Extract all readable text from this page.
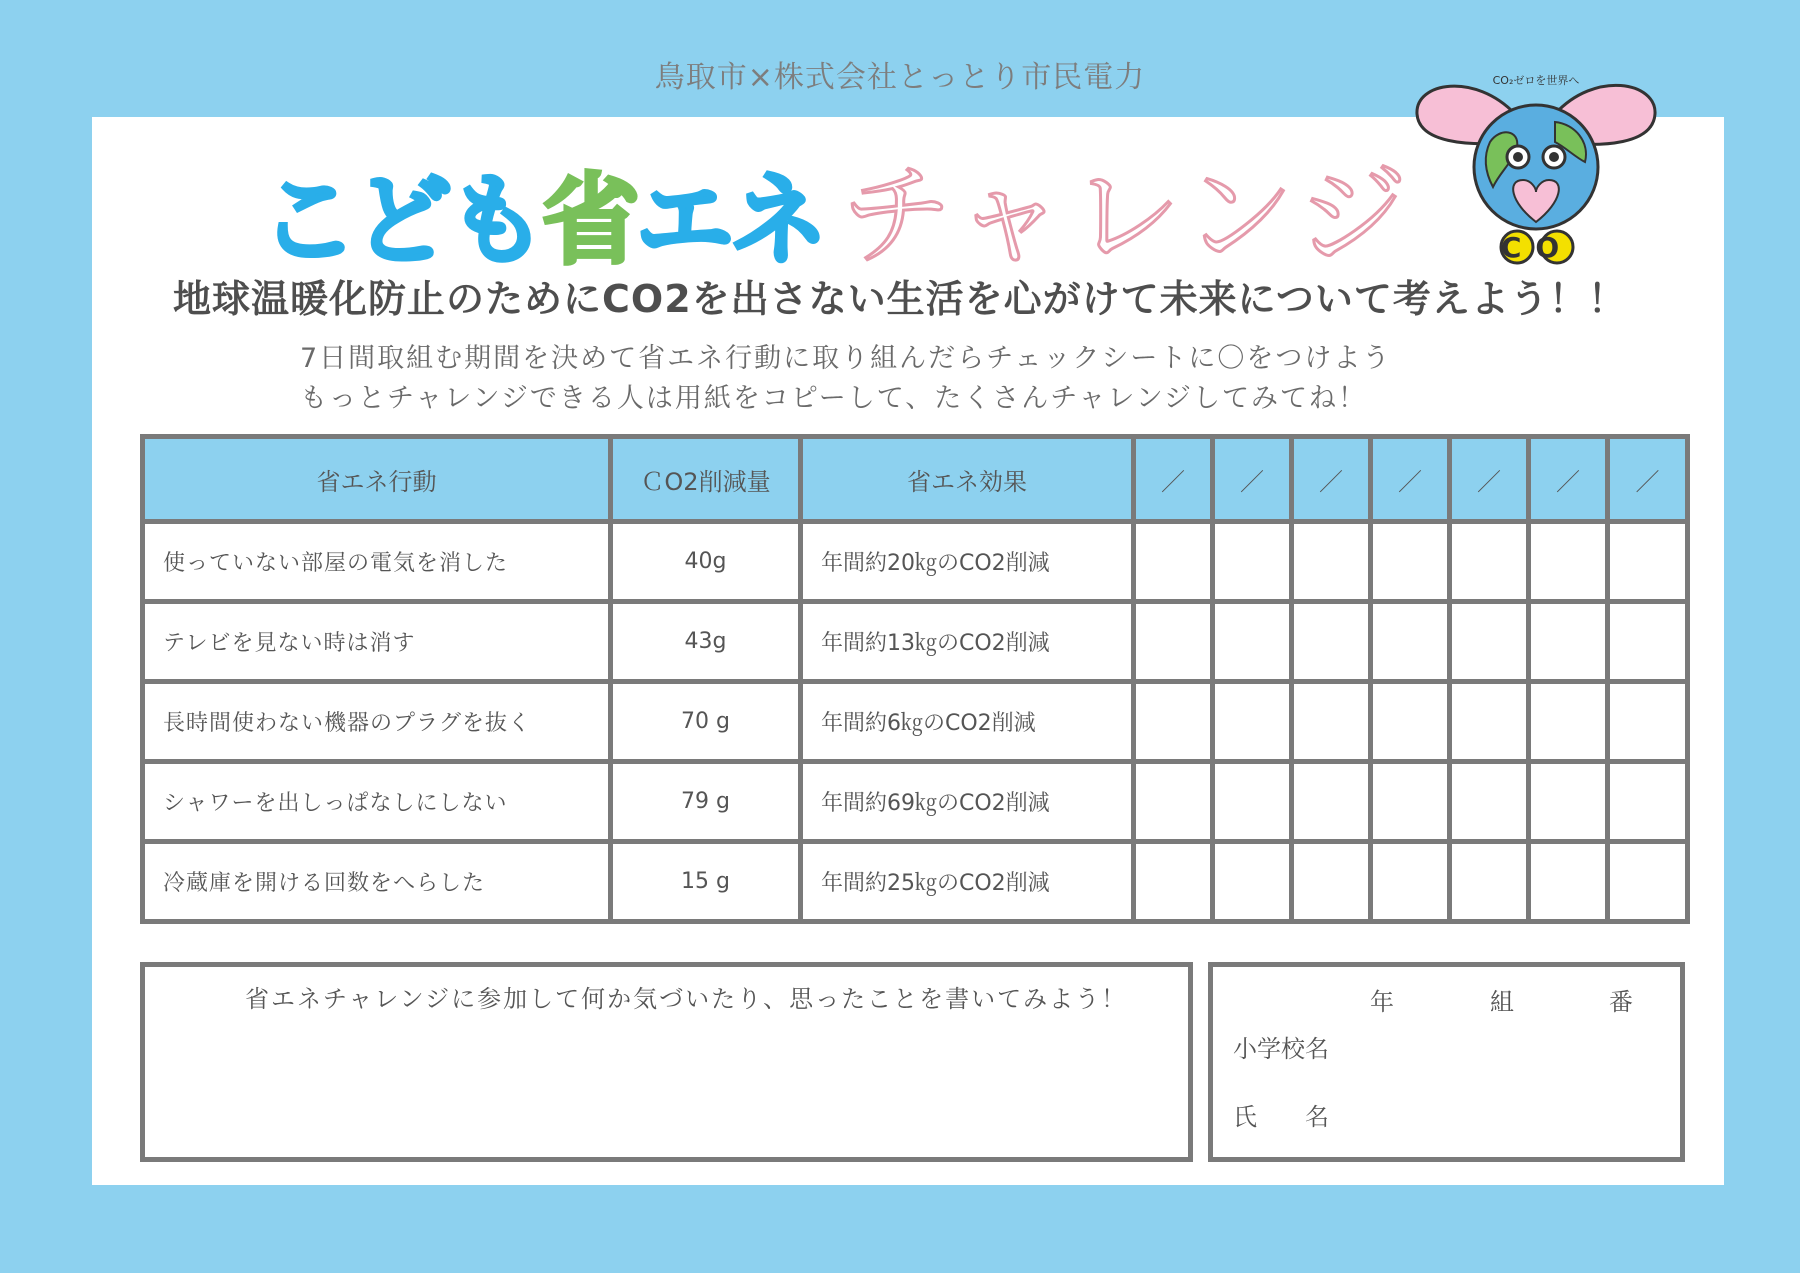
鳥取市×株式会社とっとり市民電力
こども省エネ チャレンジ
CO₂ゼロを世界へ
CO
地球温暖化防止のためにCO2を出さない生活を心がけて未来について考えよう！！
7日間取組む期間を決めて省エネ行動に取り組んだらチェックシートに〇をつけよう
もっとチャレンジできる人は用紙をコピーして、たくさんチャレンジしてみてね！
省エネ行動	ＣO2削減量	省エネ効果	／	／	／	／	／	／	／
使っていない部屋の電気を消した	40g	年間約20㎏のCO2削減							
テレビを見ない時は消す	43g	年間約13㎏のCO2削減							
長時間使わない機器のプラグを抜く	70 g	年間約6㎏のCO2削減							
シャワーを出しっぱなしにしない	79 g	年間約69㎏のCO2削減							
冷蔵庫を開ける回数をへらした	15 g	年間約25㎏のCO2削減							
省エネチャレンジに参加して何か気づいたり、思ったことを書いてみよう！	年	組	番
小学校名
氏　　名
